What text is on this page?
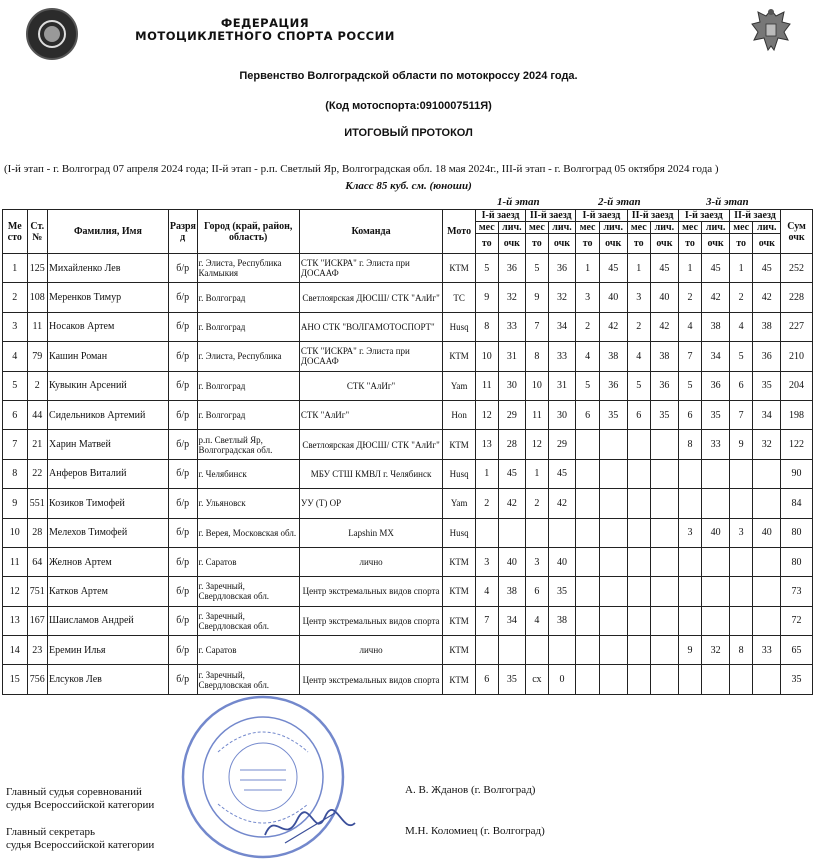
ФЕДЕРАЦИЯ
МОТОЦИКЛЕТНОГО СПОРТА РОССИИ
Первенство Волгоградской области по мотокроссу 2024 года.
(Код мотоспорта:0910007511Я)
ИТОГОВЫЙ ПРОТОКОЛ
(I-й этап - г. Волгоград 07 апреля 2024 года; II-й этап - р.п. Светлый Яр, Волгоградская обл. 18 мая 2024г., III-й этап - г. Волгоград 05 октября 2024 года )
Класс 85 куб. см. (юноши)
1-й этап	2-й этап	3-й этап
Ме сто	Ст. №	Фамилия, Имя	Разря д	Город (край, район, область)	Команда	Мото	I-й заезд		II-й заезд		I-й заезд		II-й заезд		I-й заезд		II-й заезд		Сум очк
							мес	лич.	мес	лич.	мес	лич.	мес	лич.	мес	лич.	мес	лич.	
							то	очк	то	очк	то	очк	то	очк	то	очк	то	очк	
1	125	Михайленко Лев	б/р	г. Элиста, Республика Калмыкия	СТК "ИСКРА" г. Элиста при ДОСААФ	КТМ	5	36	5	36	1	45	1	45	1	45	1	45	252
2	108	Меренков Тимур	б/р	г. Волгоград	Светлоярская ДЮСШ/ СТК "АлИг"	TC	9	32	9	32	3	40	3	40	2	42	2	42	228
3	11	Носаков Артем	б/р	г. Волгоград	АНО СТК "ВОЛГАМОТОСПОРТ"	Husq	8	33	7	34	2	42	2	42	4	38	4	38	227
4	79	Кашин Роман	б/р	г. Элиста, Республика	СТК "ИСКРА" г. Элиста при ДОСААФ	КТМ	10	31	8	33	4	38	4	38	7	34	5	36	210
5	2	Кувыкин Арсений	б/р	г. Волгоград	СТК "АлИг"	Yam	11	30	10	31	5	36	5	36	5	36	6	35	204
6	44	Сидельников Артемий	б/р	г. Волгоград	СТК "АлИг"	Hon	12	29	11	30	6	35	6	35	6	35	7	34	198
7	21	Харин Матвей	б/р	р.п. Светлый Яр, Волгоградская обл.	Светлоярская ДЮСШ/ СТК "АлИг"	КТМ	13	28	12	29					8	33	9	32	122
8	22	Анферов Виталий	б/р	г. Челябинск	МБУ СТШ КМВЛ г. Челябинск	Husq	1	45	1	45									90
9	551	Козиков Тимофей	б/р	г. Ульяновск	УУ (Т) ОР	Yam	2	42	2	42									84
10	28	Мелехов Тимофей	б/р	г. Верея, Московская обл.	Lapshin MX	Husq									3	40	3	40	80
11	64	Желнов Артем	б/р	г. Саратов	лично	КТМ	3	40	3	40									80
12	751	Катков Артем	б/р	г. Заречный, Свердловская обл.	Центр экстремальных видов спорта	КТМ	4	38	6	35									73
13	167	Шаисламов Андрей	б/р	г. Заречный, Свердловская обл.	Центр экстремальных видов спорта	КТМ	7	34	4	38									72
14	23	Еремин Илья	б/р	г. Саратов	лично	КТМ									9	32	8	33	65
15	756	Елсуков Лев	б/р	г. Заречный, Свердловская обл.	Центр экстремальных видов спорта	КТМ	6	35	сх	0									35
Главный судья соревнований
судья Всероссийской категории
А. В. Жданов (г. Волгоград)
Главный секретарь
судья Всероссийской категории
М.Н. Коломиец (г. Волгоград)
